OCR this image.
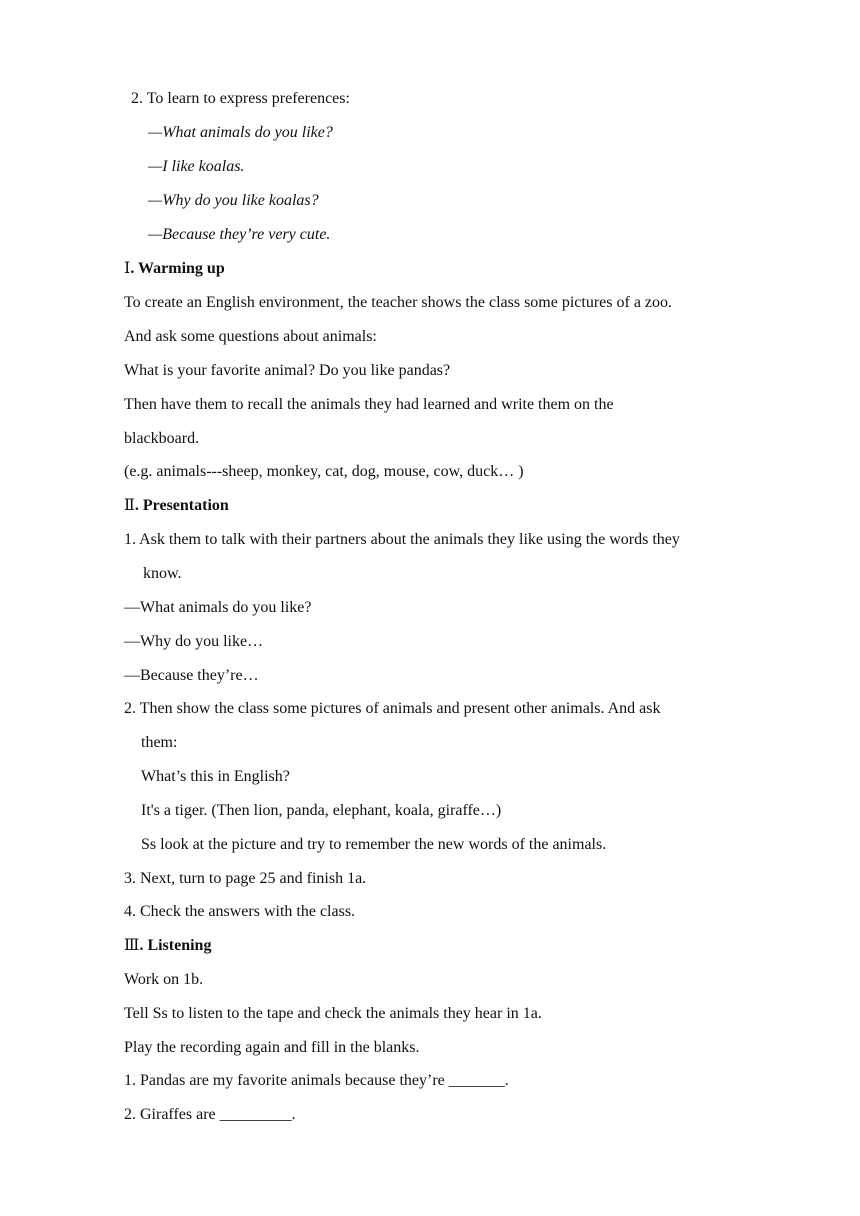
2. To learn to express preferences:
—What animals do you like?
—I like koalas.
—Why do you like koalas?
—Because they’re very cute.
Ⅰ. Warming up
To create an English environment, the teacher shows the class some pictures of a zoo.
And ask some questions about animals:
What is your favorite animal? Do you like pandas?
Then have them to recall the animals they had learned and write them on the
blackboard.
(e.g. animals---sheep, monkey, cat, dog, mouse, cow, duck… )
Ⅱ. Presentation
1. Ask them to talk with their partners about the animals they like using the words they
know.
—What animals do you like?
—Why do you like…
—Because they’re…
2. Then show the class some pictures of animals and present other animals. And ask
them:
What’s this in English?
It's a tiger. (Then lion, panda, elephant, koala, giraffe…)
Ss look at the picture and try to remember the new words of the animals.
3. Next, turn to page 25 and finish 1a.
4. Check the answers with the class.
Ⅲ. Listening
Work on 1b.
Tell Ss to listen to the tape and check the animals they hear in 1a.
Play the recording again and fill in the blanks.
1. Pandas are my favorite animals because they’re _______.
2. Giraffes are _________.
